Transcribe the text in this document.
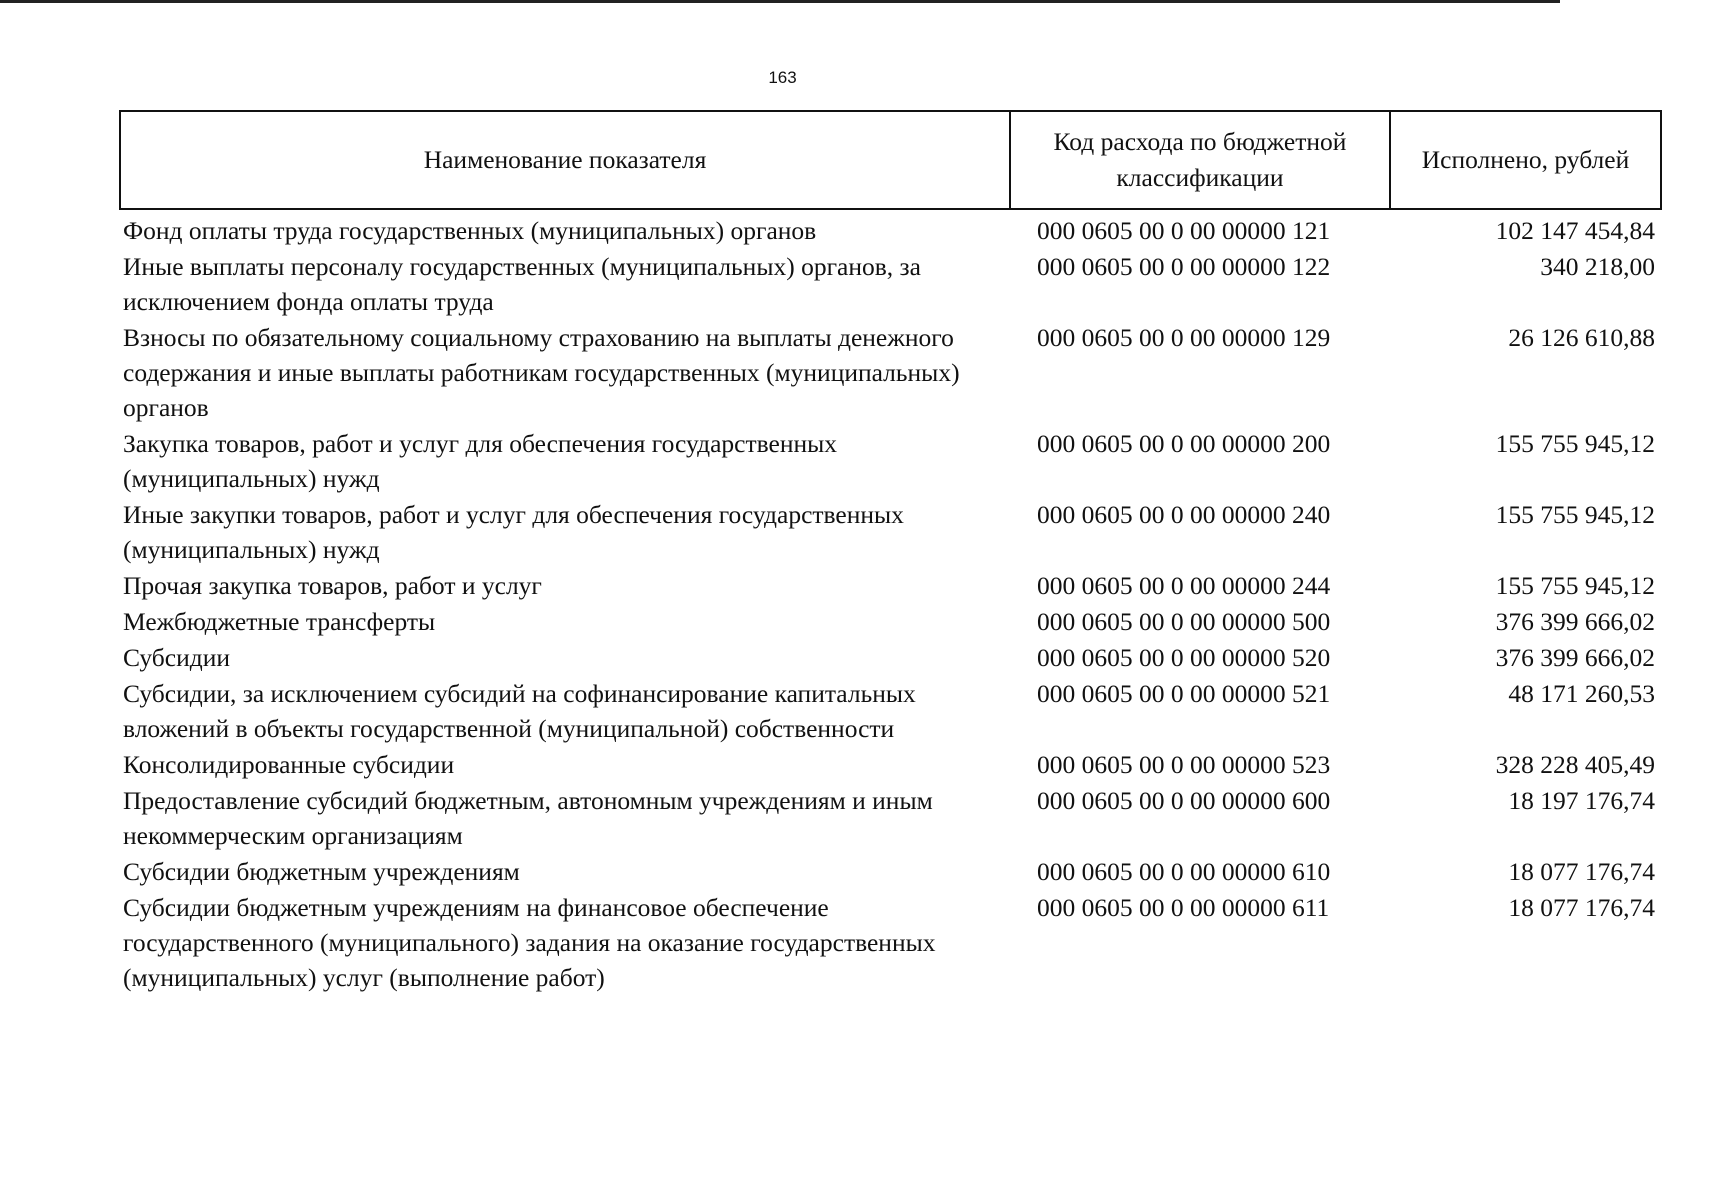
163
Наименование показателя	Код расхода по бюджетной классификации	Исполнено, рублей
Фонд оплаты труда государственных (муниципальных) органов	000 0605 00 0 00 00000 121	102 147 454,84
Иные выплаты персоналу государственных (муниципальных) органов, за исключением фонда оплаты труда	000 0605 00 0 00 00000 122	340 218,00
Взносы по обязательному социальному страхованию на выплаты денежного содержания и иные выплаты работникам государственных (муниципальных) органов	000 0605 00 0 00 00000 129	26 126 610,88
Закупка товаров, работ и услуг для обеспечения государственных (муниципальных) нужд	000 0605 00 0 00 00000 200	155 755 945,12
Иные закупки товаров, работ и услуг для обеспечения государственных (муниципальных) нужд	000 0605 00 0 00 00000 240	155 755 945,12
Прочая закупка товаров, работ и услуг	000 0605 00 0 00 00000 244	155 755 945,12
Межбюджетные трансферты	000 0605 00 0 00 00000 500	376 399 666,02
Субсидии	000 0605 00 0 00 00000 520	376 399 666,02
Субсидии, за исключением субсидий на софинансирование капитальных вложений в объекты государственной (муниципальной) собственности	000 0605 00 0 00 00000 521	48 171 260,53
Консолидированные субсидии	000 0605 00 0 00 00000 523	328 228 405,49
Предоставление субсидий бюджетным, автономным учреждениям и иным некоммерческим организациям	000 0605 00 0 00 00000 600	18 197 176,74
Субсидии бюджетным учреждениям	000 0605 00 0 00 00000 610	18 077 176,74
Субсидии бюджетным учреждениям на финансовое обеспечение государственного (муниципального) задания на оказание государственных (муниципальных) услуг (выполнение работ)	000 0605 00 0 00 00000 611	18 077 176,74
